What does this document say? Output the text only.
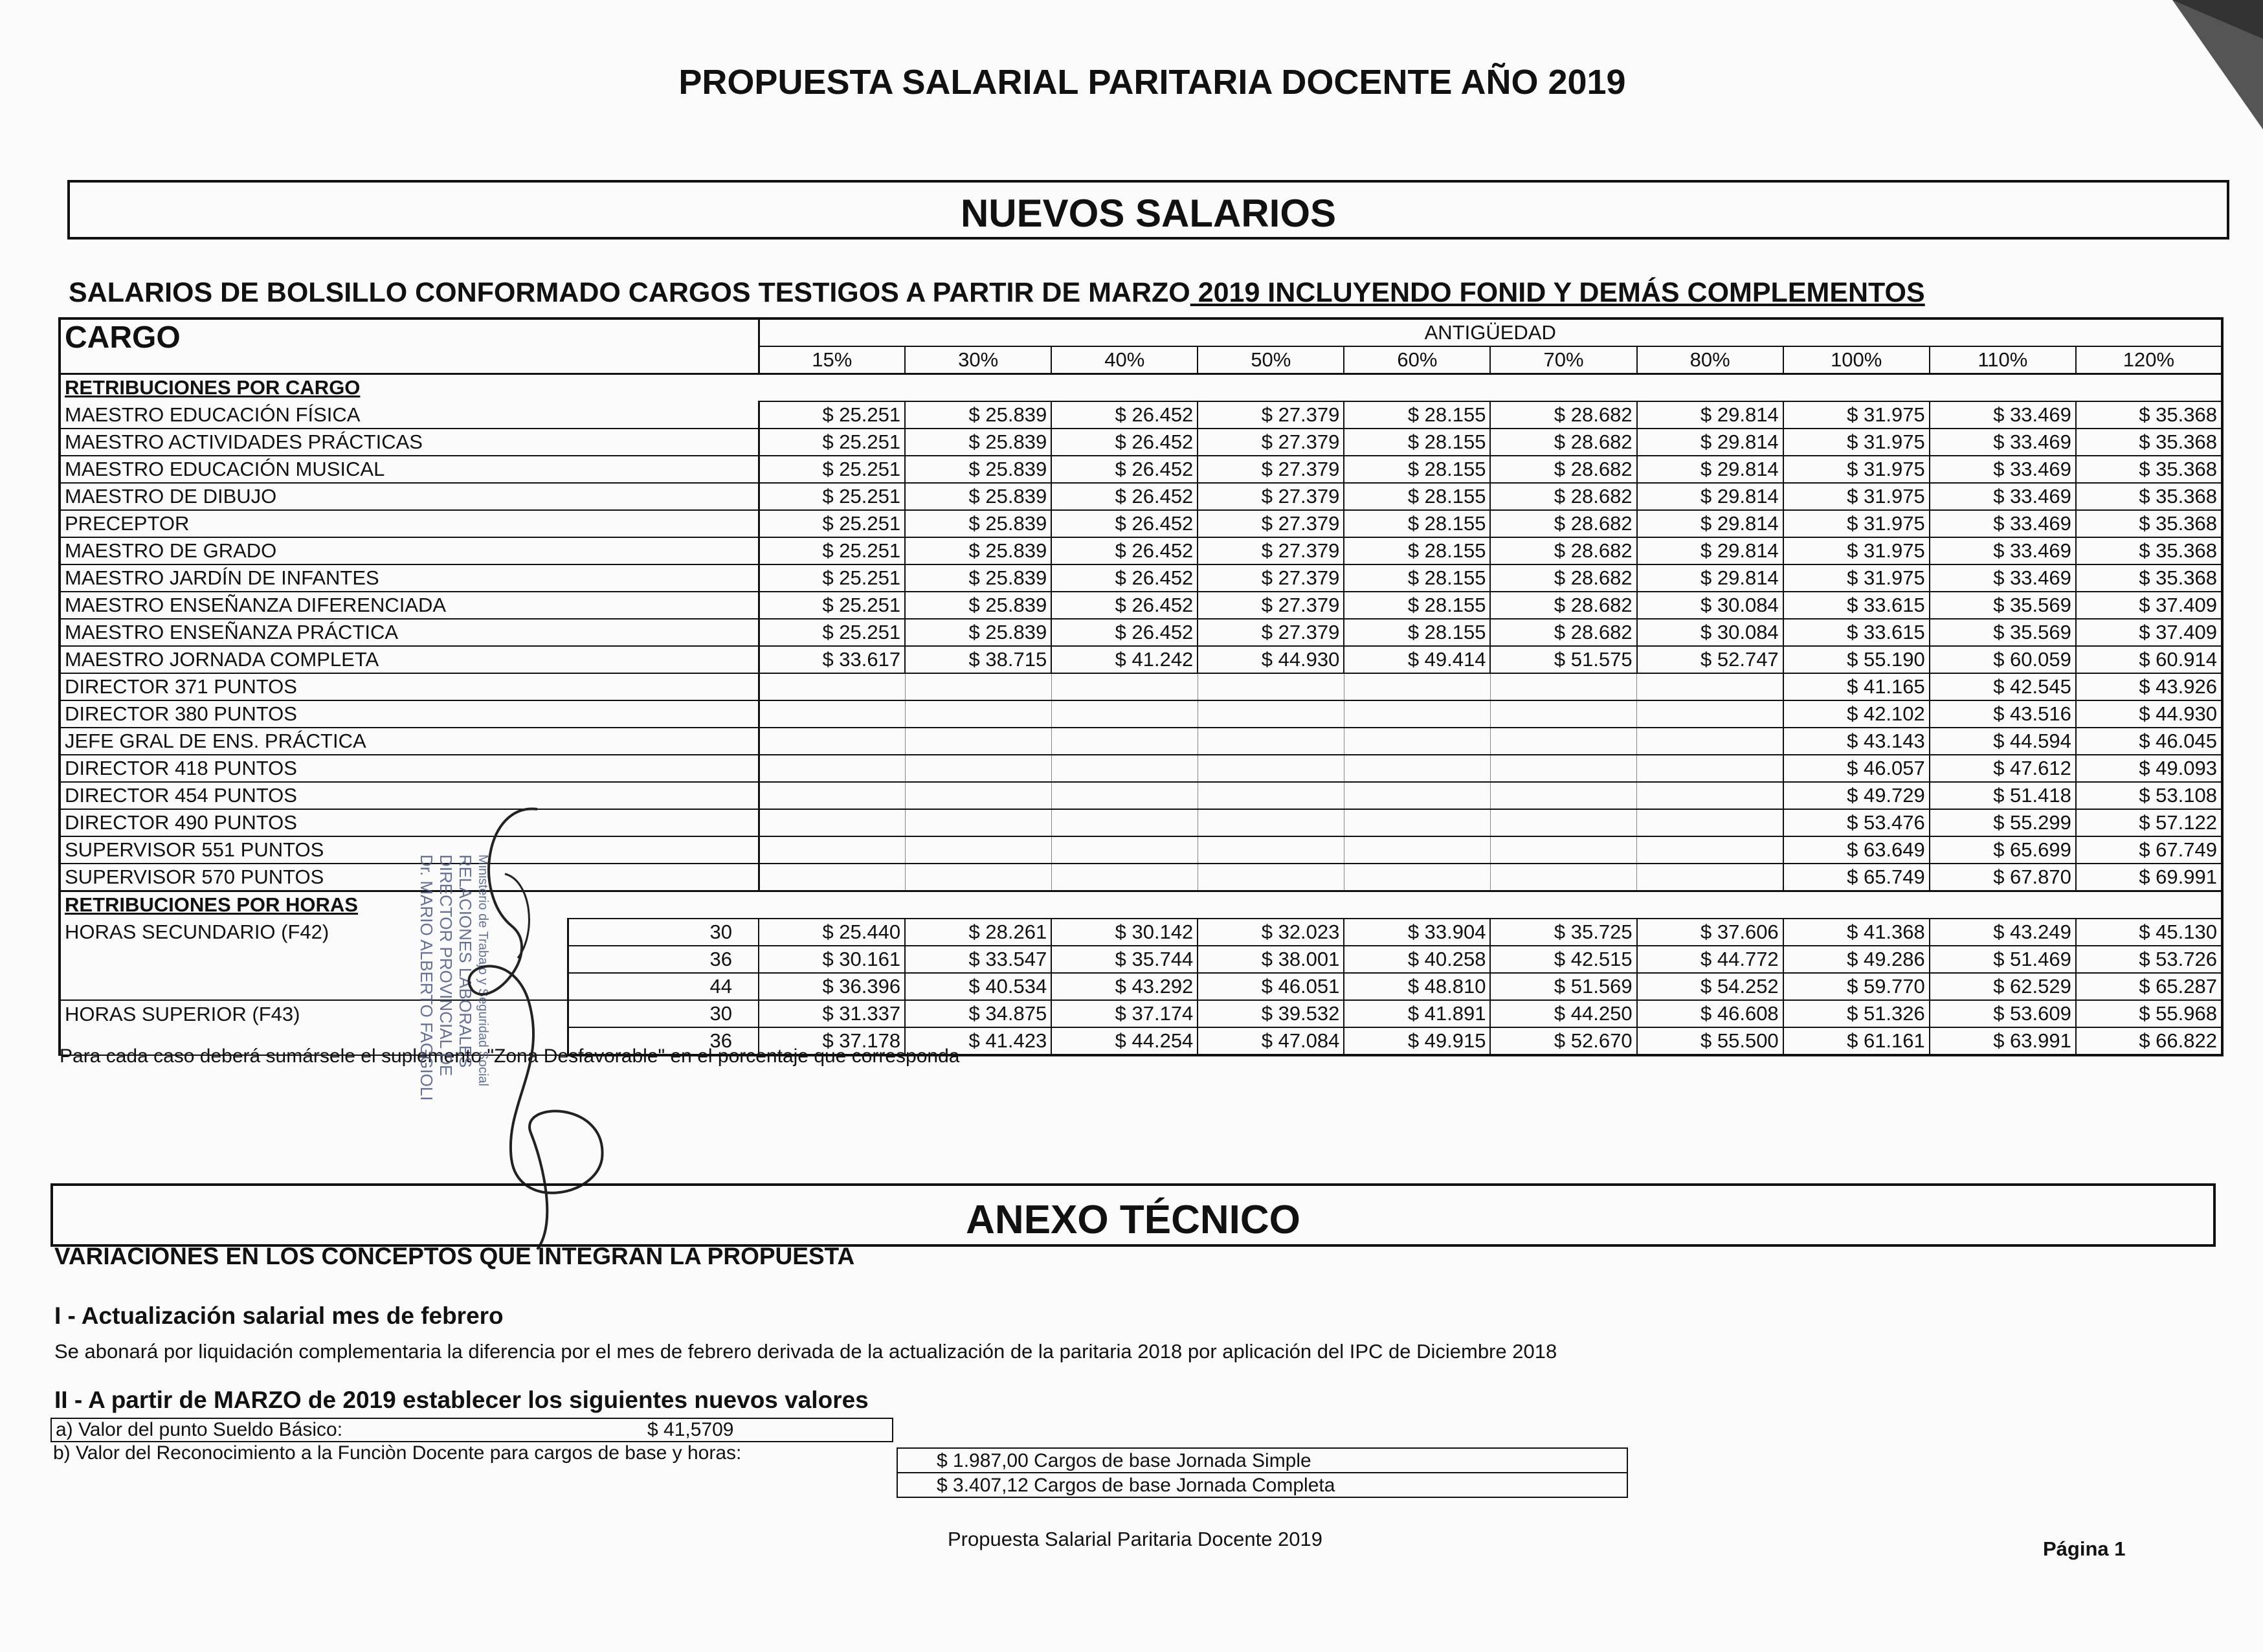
PROPUESTA SALARIAL PARITARIA DOCENTE AÑO 2019
NUEVOS SALARIOS
SALARIOS DE BOLSILLO CONFORMADO CARGOS TESTIGOS A PARTIR DE MARZO 2019 INCLUYENDO FONID Y DEMÁS COMPLEMENTOS
CARGO		ANTIGÜEDAD									
		15%	30%	40%	50%	60%	70%	80%	100%	110%	120%
RETRIBUCIONES POR CARGO											
MAESTRO EDUCACIÓN FÍSICA		$ 25.251	$ 25.839	$ 26.452	$ 27.379	$ 28.155	$ 28.682	$ 29.814	$ 31.975	$ 33.469	$ 35.368
MAESTRO ACTIVIDADES PRÁCTICAS		$ 25.251	$ 25.839	$ 26.452	$ 27.379	$ 28.155	$ 28.682	$ 29.814	$ 31.975	$ 33.469	$ 35.368
MAESTRO EDUCACIÓN MUSICAL		$ 25.251	$ 25.839	$ 26.452	$ 27.379	$ 28.155	$ 28.682	$ 29.814	$ 31.975	$ 33.469	$ 35.368
MAESTRO DE DIBUJO		$ 25.251	$ 25.839	$ 26.452	$ 27.379	$ 28.155	$ 28.682	$ 29.814	$ 31.975	$ 33.469	$ 35.368
PRECEPTOR		$ 25.251	$ 25.839	$ 26.452	$ 27.379	$ 28.155	$ 28.682	$ 29.814	$ 31.975	$ 33.469	$ 35.368
MAESTRO DE GRADO		$ 25.251	$ 25.839	$ 26.452	$ 27.379	$ 28.155	$ 28.682	$ 29.814	$ 31.975	$ 33.469	$ 35.368
MAESTRO JARDÍN DE INFANTES		$ 25.251	$ 25.839	$ 26.452	$ 27.379	$ 28.155	$ 28.682	$ 29.814	$ 31.975	$ 33.469	$ 35.368
MAESTRO ENSEÑANZA DIFERENCIADA		$ 25.251	$ 25.839	$ 26.452	$ 27.379	$ 28.155	$ 28.682	$ 30.084	$ 33.615	$ 35.569	$ 37.409
MAESTRO ENSEÑANZA PRÁCTICA		$ 25.251	$ 25.839	$ 26.452	$ 27.379	$ 28.155	$ 28.682	$ 30.084	$ 33.615	$ 35.569	$ 37.409
MAESTRO JORNADA COMPLETA		$ 33.617	$ 38.715	$ 41.242	$ 44.930	$ 49.414	$ 51.575	$ 52.747	$ 55.190	$ 60.059	$ 60.914
DIRECTOR 371 PUNTOS									$ 41.165	$ 42.545	$ 43.926
DIRECTOR 380 PUNTOS									$ 42.102	$ 43.516	$ 44.930
JEFE GRAL DE ENS. PRÁCTICA									$ 43.143	$ 44.594	$ 46.045
DIRECTOR 418 PUNTOS									$ 46.057	$ 47.612	$ 49.093
DIRECTOR 454 PUNTOS									$ 49.729	$ 51.418	$ 53.108
DIRECTOR 490 PUNTOS									$ 53.476	$ 55.299	$ 57.122
SUPERVISOR 551 PUNTOS									$ 63.649	$ 65.699	$ 67.749
SUPERVISOR 570 PUNTOS									$ 65.749	$ 67.870	$ 69.991
RETRIBUCIONES POR HORAS											
HORAS SECUNDARIO (F42)	30	$ 25.440	$ 28.261	$ 30.142	$ 32.023	$ 33.904	$ 35.725	$ 37.606	$ 41.368	$ 43.249	$ 45.130
	36	$ 30.161	$ 33.547	$ 35.744	$ 38.001	$ 40.258	$ 42.515	$ 44.772	$ 49.286	$ 51.469	$ 53.726
	44	$ 36.396	$ 40.534	$ 43.292	$ 46.051	$ 48.810	$ 51.569	$ 54.252	$ 59.770	$ 62.529	$ 65.287
HORAS SUPERIOR (F43)	30	$ 31.337	$ 34.875	$ 37.174	$ 39.532	$ 41.891	$ 44.250	$ 46.608	$ 51.326	$ 53.609	$ 55.968
	36	$ 37.178	$ 41.423	$ 44.254	$ 47.084	$ 49.915	$ 52.670	$ 55.500	$ 61.161	$ 63.991	$ 66.822
Para cada caso deberá sumársele el suplemento "Zona Desfavorable" en el porcentaje que corresponda
Dr. MARIO ALBERTO FAGGIOLI DIRECTOR PROVINCIAL DE RELACIONES LABORALES Ministerio de Trabajo y Seguridad Social
ANEXO TÉCNICO
VARIACIONES EN LOS CONCEPTOS QUE INTEGRAN LA PROPUESTA
I - Actualización salarial mes de febrero
Se abonará por liquidación complementaria la diferencia por el mes de febrero derivada de la actualización de la paritaria 2018 por aplicación del IPC de Diciembre 2018
II - A partir de MARZO de 2019 establecer los siguientes nuevos valores
a) Valor del punto Sueldo Básico:	$ 41,5709
b) Valor del Reconocimiento a la Funciòn Docente para cargos de base y horas:	$ 1.987,00 Cargos de base Jornada Simple
$ 3.407,12 Cargos de base Jornada Completa
Propuesta Salarial Paritaria Docente 2019	Página 1
